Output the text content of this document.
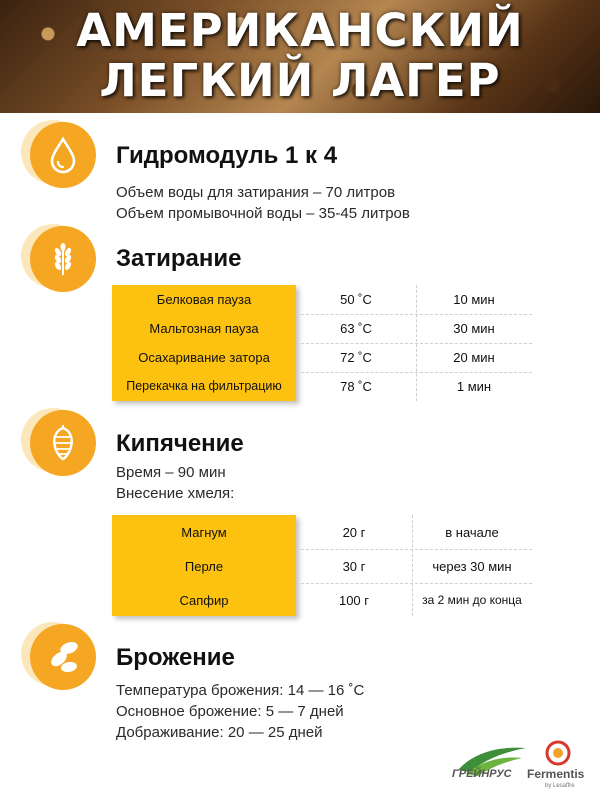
АМЕРИКАНСКИЙ
ЛЕГКИЙ ЛАГЕР
Гидромодуль 1 к 4
Объем воды для затирания – 70 литров
Объем промывочной воды – 35-45 литров
Затирание
Белковая пауза	50 ˚С	10 мин
Мальтозная пауза	63 ˚С	30 мин
Осахаривание затора	72 ˚С	20 мин
Перекачка на фильтрацию	78 ˚С	1 мин
Кипячение
Время – 90 мин
Внесение хмеля:
Магнум	20 г	в начале
Перле	30 г	через 30 мин
Сапфир	100 г	за 2 мин до конца
Брожение
Температура брожения: 14 — 16 ˚С
Основное брожение: 5 — 7 дней
Дображивание: 20 — 25 дней
ГРЕЙНРУС Fermentis
by Lesaffre
